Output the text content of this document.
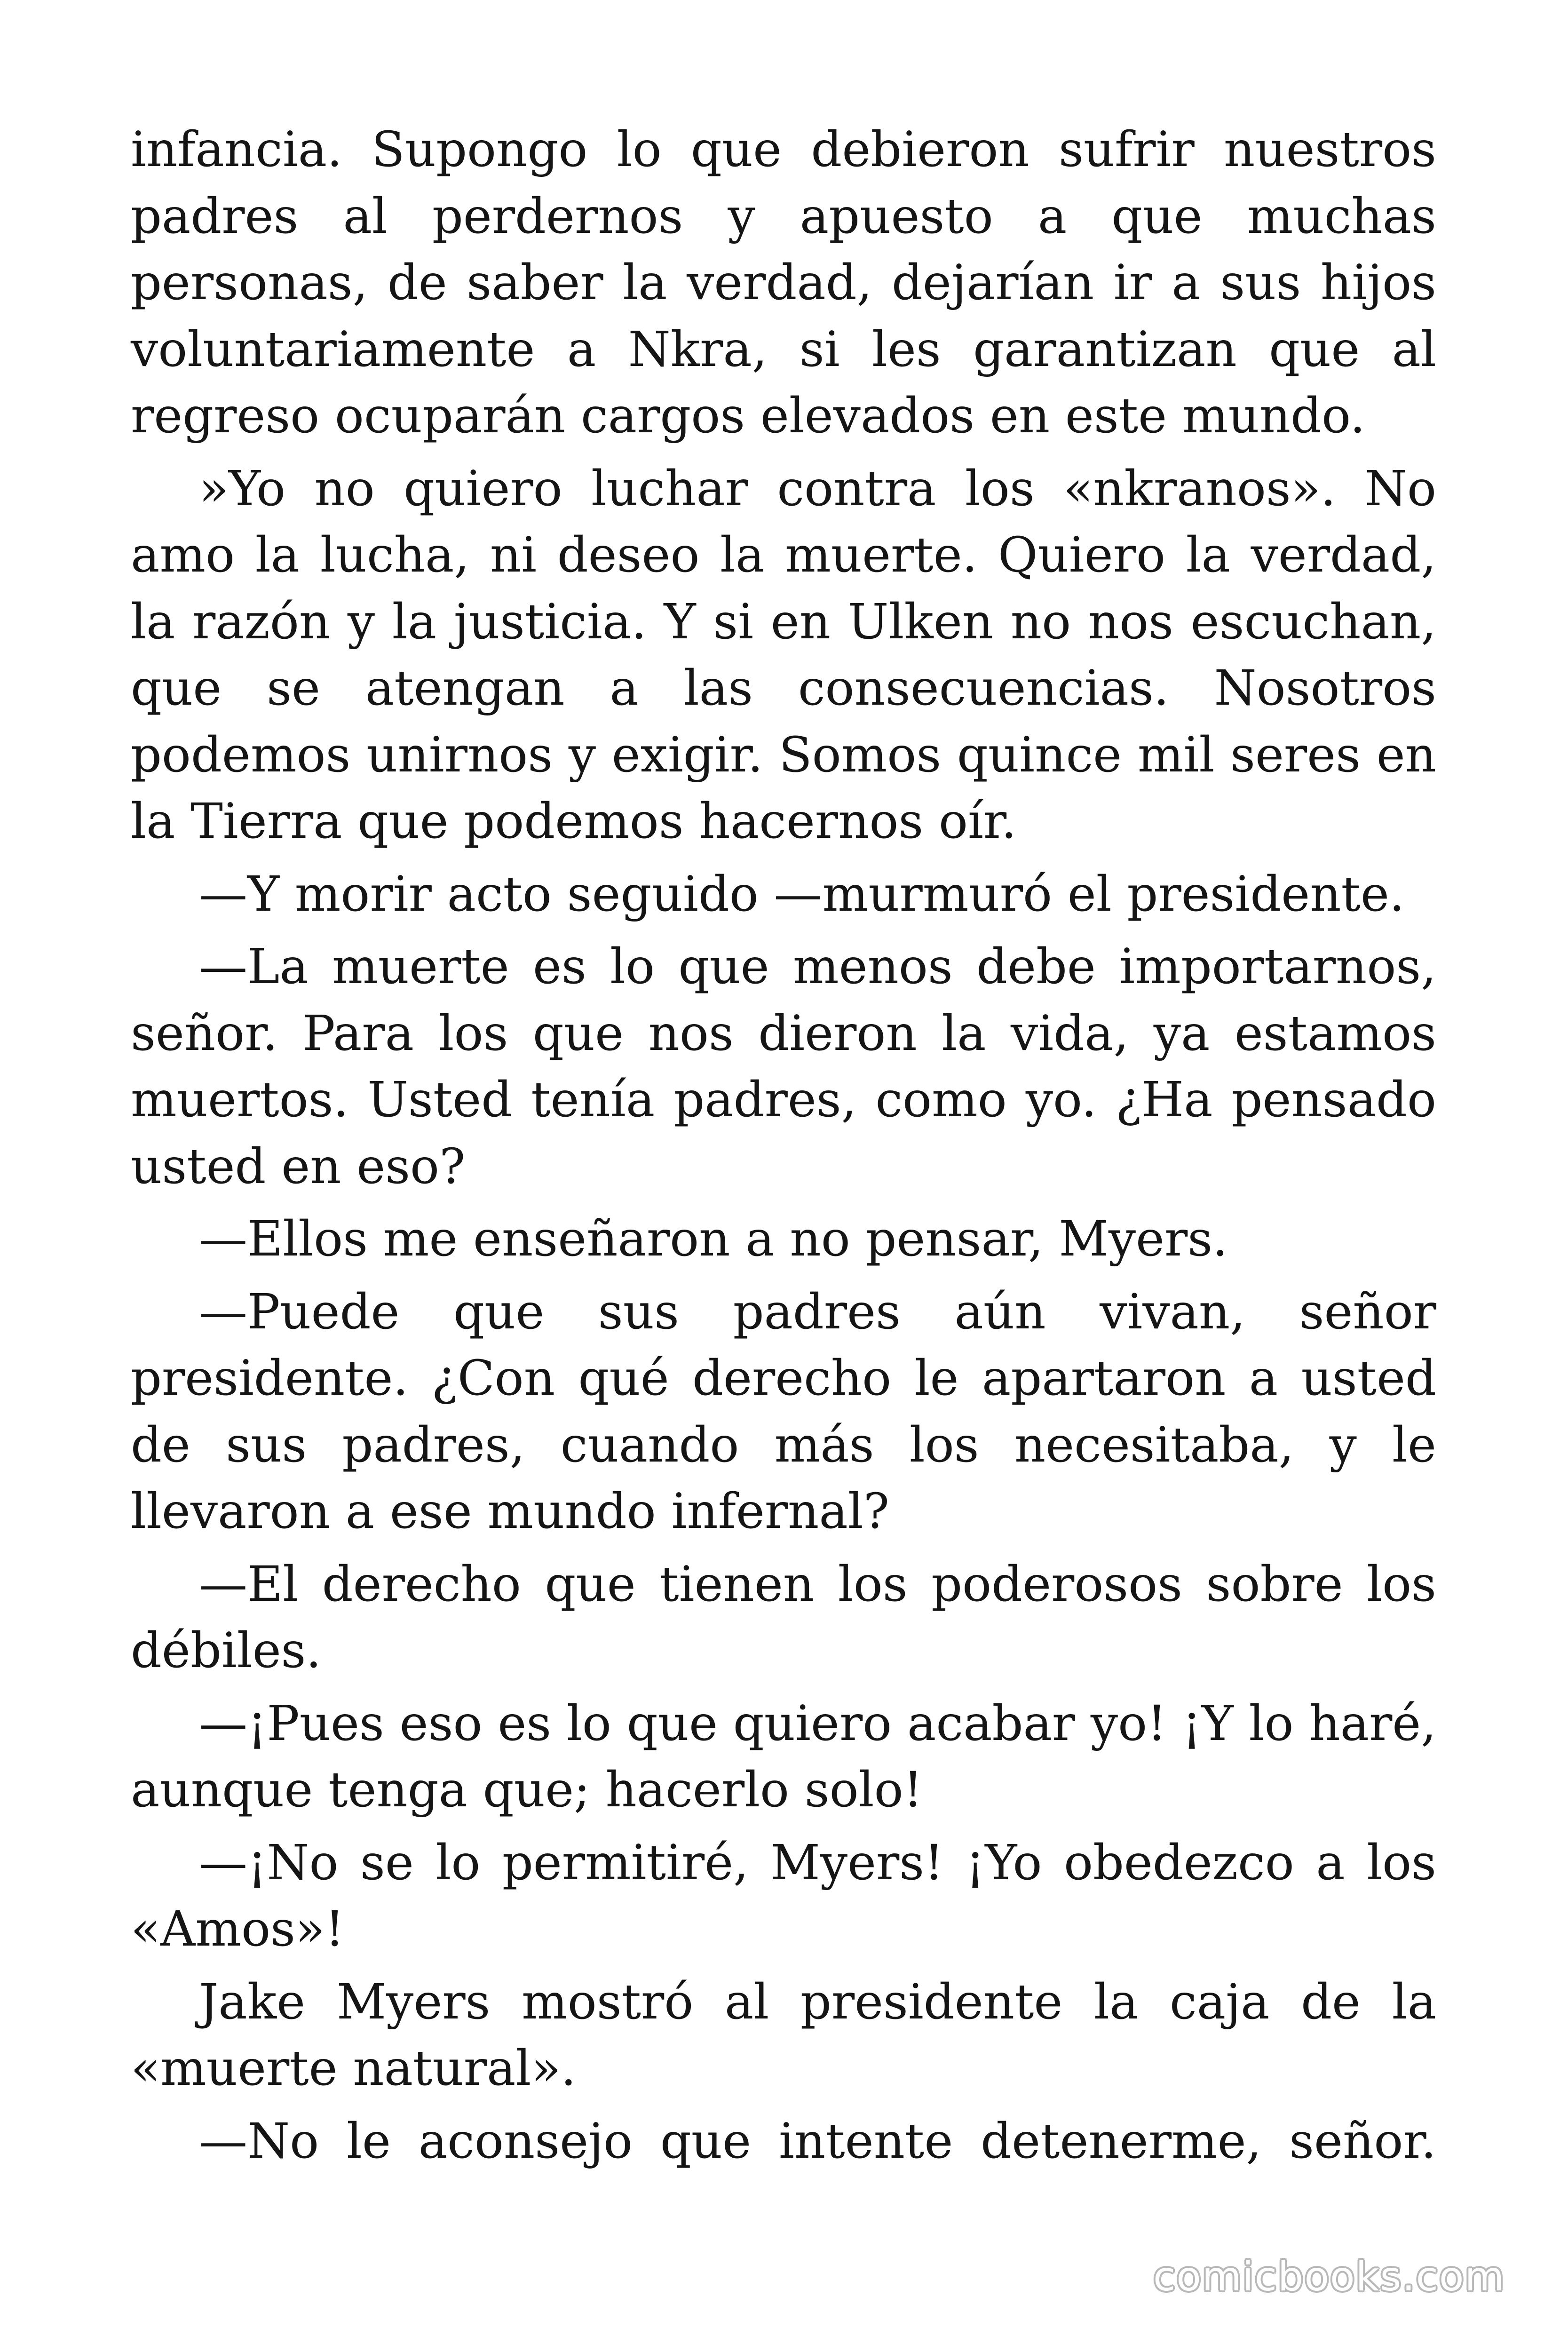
infancia. Supongo lo que debieron sufrir nuestros padres al perdernos y apuesto a que muchas personas, de saber la verdad, dejarían ir a sus hijos voluntariamente a Nkra, si les garantizan que al regreso ocuparán cargos elevados en este mundo.

»Yo no quiero luchar contra los «nkranos». No amo la lucha, ni deseo la muerte. Quiero la verdad, la razón y la justicia. Y si en Ulken no nos escuchan, que se atengan a las consecuencias. Nosotros podemos unirnos y exigir. Somos quince mil seres en la Tierra que podemos hacernos oír.

—Y morir acto seguido —murmuró el presidente.

—La muerte es lo que menos debe importarnos, señor. Para los que nos dieron la vida, ya estamos muertos. Usted tenía padres, como yo. ¿Ha pensado usted en eso?

—Ellos me enseñaron a no pensar, Myers.

—Puede que sus padres aún vivan, señor presidente. ¿Con qué derecho le apartaron a usted de sus padres, cuando más los necesitaba, y le llevaron a ese mundo infernal?

—El derecho que tienen los poderosos sobre los débiles.

—¡Pues eso es lo que quiero acabar yo! ¡Y lo haré, aunque tenga que; hacerlo solo!

—¡No se lo permitiré, Myers! ¡Yo obedezco a los «Amos»!

Jake Myers mostró al presidente la caja de la «muerte natural».

—No le aconsejo que intente detenerme, señor.

comicbooks.com
